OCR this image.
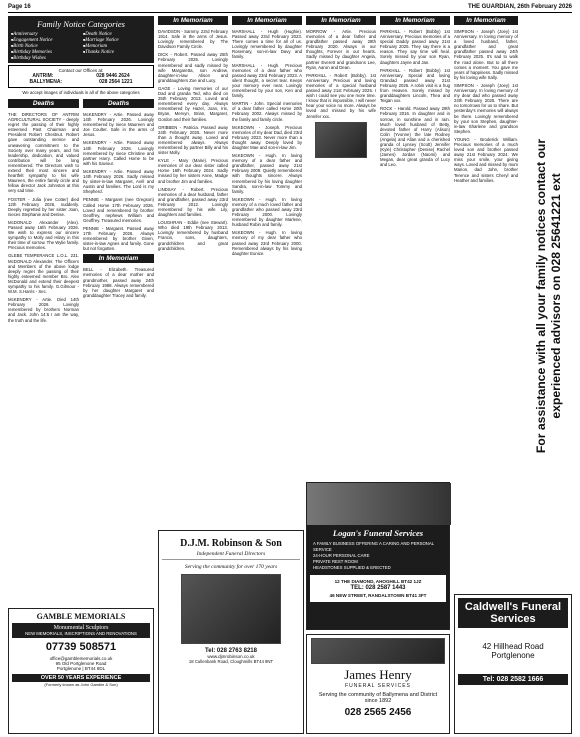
Page 16	THE GUARDIAN, 26th February 2026
Family Notice Categories
■ Anniversary	■ Death Notice
■ Engagement Notice	■ Marriage Notice
■ Birth Notice	■ Memoriam
■ Birthday Memories	■ Thanks Notice
■ Birthday Wishes
Contact our Offices at:
ANTRIM:	028 9446 2624
BALLYMENA:	028 2564 1221
We accept images of individuals in all of the above categories
Deaths
THE DIRECTORS OF ANTRIM AGRICULTURAL SOCIETY - deeply regret the passing of their highly esteemed Past Chairman and President Robert Chestnut. Robert gave outstanding service and unwavering commitment to the Society over many years, and his leadership, dedication, and valued contribution will be long remembered. The Directors wish to extend their most sincere and heartfelt sympathy to his wife Maureen, the entire family circle and fellow director Jack Johnston at this very sad time.
FOSTER - Julia (nee Cotter) died 12th February 2026, suddenly. Deeply regretted by her sister Joan, nieces Stephanie and Denise.
McDONALD Alexander (Alex). Passed away 16th February 2026. We wish to express our sincere sympathy to Molly and Hilary in this their time of sorrow. The Wylie family. Precious memories.
GLEBE TEMPERANCE L.O.L. 231. McDONALD Alexander. The Officers and Members of the above lodge deeply regret the passing of their highly esteemed member Bro. Alex McDonald and extend their deepest sympathy to his family. G.Gilmour - W.M. S.Harris - Sec.
McKENDRY - Artie. Died 14th February 2026. Lovingly remembered by brothers Norman and Jack. John 14:6 I am the way, the truth and the life.
Deaths
McKENDRY - Artie. Passed away 14th February 2026. Lovingly remembered by niece Maureen and Joe Coulter. Safe in the arms of Jesus.
McKENDRY - Artie. Passed away 14th February 2026. Lovingly remembered by niece Christine and partner Harry. Called Home to be with his Saviour.
McKENDRY - Artie. Passed away 14th February 2026. Sadly missed by sister-in-law Margaret, Avril and Austin and families. The Lord is my Shepherd.
PENNIE - Margaret (nee Gregson) Called Home 17th February 2026. Loved and remembered by brother Geoffrey, nephews William and Geoffrey. Treasured memories.
PENNIE - Margaret. Passed away 17th February 2026. Always remembered by brother Given, sister-in-law Agnes and family. Gone but not forgotten.
In Memoriam
BELL - Elizabeth. Treasured memories of a dear mother and grandmother, passed away 24th February 1988. Always remembered by her daughter Margaret and granddaughter Tracey and family.
GAMBLE MEMORIALS
Monumental Sculptors
NEW MEMORIALS, INSCRIPTIONS AND RENOVATIONS
07739 508571
office@gamblememorials.co.uk
95 Old Portglenone Road
Portglenone | BT44 8DL
OVER 50 YEARS EXPERIENCE
(Formerly known as John Gamble & Son)
In Memoriam
DAVIDSON - Sammy. 23rd February 1914. Safe in the arms of Jesus. Lovingly remembered by The Davidson Family Circle.
DICK - Robert. Passed away 25th February 2025. Lovingly remembered and sadly missed by wife Margaretta, son Andrew, daughter-in-law Alison and granddaughters Zoe and Lucy.
GAGE - Loving memories of our Dad and granda Ted, who died on 25th February 2013. Loved and remembered every day. Always remembered by Hazel, Joan, Iris, Bryan, Mervyn, Brian, Margaret, Gordon and their families.
GRIBBEN - Patricia. Passed away 24th February 2025. Never more than a thought away. Loved and remembered always. Always remembered by partner Billy and his sister Molly.
KYLE - Mary (Marie). Precious memories of our dear sister called Home 16th February 2024. Sadly missed by her sisters Anne, Madge and brother Jim and families.
LINDSAY - Robert. Precious memories of a dear husband, father and grandfather, passed away 23rd February 2012. Lovingly remembered by his wife Lily, daughters and families.
LOUGHRAN - Eddie (nee Stewart). Who died 19th February 2013. Lovingly remembered by husband Francis, sons, daughters, grandchildren and great grandchildren.
In Memoriam
MARSHALL - Hugh (Hughie). Passed away 23rd February 2023. There comes a time for all of us. Lovingly remembered by daughter Rosemary, son-in-law Davy and family.
MARSHALL - Hugh. Precious memories of a dear father who passed away 23rd February 2023. A silent thought, a secret tear. Keeps your memory ever near. Lovingly remembered by your son, Ken and family.
MARTIN - John. Special memories of a dear father called Home 20th February 2002. Always missed by the family and family circle.
McKEOWN - Joseph. Precious memories of my dear Dad, died 23rd February 2023. Never more than a thought away. Deeply loved by daughter Mae and son-in-law Jim.
McKEOWN - Hugh. In loving memory of a dear father and grandfather, passed away 21st February 2009. Quietly remembered with thoughts sincere. Always remembered by his loving daughter Sandra, son-in-law Tommy and family.
McKEOWN - Hugh. In loving memory of a much loved father and grandfather who passed away 23rd February 2000. Lovingly remembered by daughter Marlene, husband Robin and family.
McKEOWN - Hugh. In loving memory of my dear father who passed away 23rd February 2000. Remembered always by his loving daughter Eunice.
In Memoriam
MORROW - Artie. Precious memories of a dear father and grandfather passed away 28th February 2020. Always in our thoughts, Forever in our hearts. Sadly missed by daughter Angela, partner Everett and grandsons Lee, Ryan, Aaron and Dean.
PARKHILL - Robert (Bobby). 1st Anniversary. Precious and loving memories of a special husband passed away 21st February 2025. I wish I could see you one more time. I know that is impossible, I will never hear your voice no more. Always be loved and missed by his wife Jennifer xxx.
In Memoriam
PARKHILL - Robert (Bobby) 1st Anniversary. Precious memories of a special Daddy passed away 21st February 2025. They say there is a reason. They say time will heal. Sorely missed by your son Ryan, daughters Jayne and Jan.
PARKHILL - Robert (Bobby) 1st Anniversary. Special and loving Grandad passed away 21st February 2025. A robin visit is a hug from Heaven. Sorely missed by granddaughters Lincoln, Thea and Teigan xxx.
ROCK - Harold. Passed away 29th February 2016. In daughter and in sorrow, in sunshine and in rain. Much loved husband of Betty, devoted father of Harry (Alison) Colin (Yvonne) the late Rodney (Angela) and Allan and a cherished granda of Lynsey (Scott) Jennifer (Kyle) Christopher (Denise) Rachel (James) Jordan (Naomi) and Megan, dear great granda of Lucy and Leo.
In Memoriam
SIMPSON - Joseph (Joey) 1st Anniversary. In loving memory of a loved husband, father, grandfather and great grandfather passed away 24th February 2025. It's sad to walk the road alone. But to all there comes a moment. You gave me years of happiness. Sadly missed by his loving wife Sally.
SIMPSON - Joseph (Joey) 1st Anniversary. In loving memory of my dear dad who passed away 24th February 2025. There are no tomorrows for us to share. But yesterday's memories will always be there. Lovingly remembered by your son Stephen, daughter-in-law Sharlene and grandson Stephen.
YOUNG - Broderick William. Precious memories of a much loved son and brother passed away 21st February 2024. We miss your smile, your giving ways. Loved and missed by mum Marion, dad John, brother Terence and sisters Cheryl and Heather and families.
D.J.M. Robinson & Son
Independent Funeral Directors
Serving the community for over 170 years
Tel: 028 2763 8218
www.djmrobinson.co.uk
18 Cullenbank Road, Cloughmills BT44 9NT
Logan's Funeral Services
A FAMILY BUSINESS OFFERING A CARING AND PERSONAL SERVICE
24-HOUR PERSONAL CARE
PRIVATE REST ROOM
HEADSTONES SUPPLIED & ERECTED
12 THE DIAMOND, AHOGHILL BT42 1JZ
TEL: 028 2587 1443
46 NEW STREET, RANDALSTOWN BT41 3FT
James Henry
FUNERAL SERVICES
Serving the community of Ballymena and District since 1892
028 2565 2456
For assistance with all your family notices contact our experienced advisors on 028 25641221 ext
Caldwell's Funeral Services
42 Hillhead Road
Portglenone
Tel: 028 2582 1666
